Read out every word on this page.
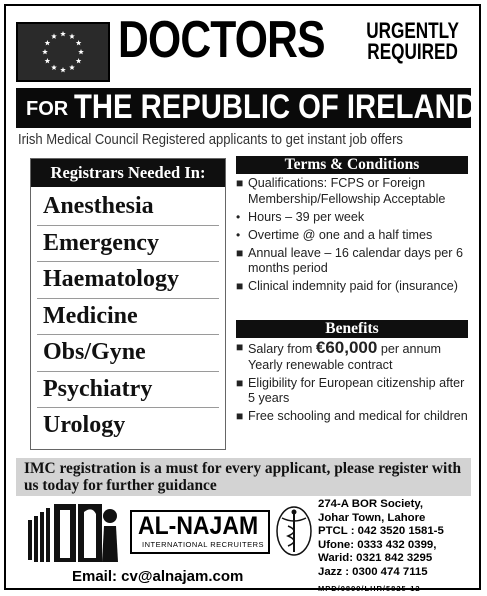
DOCTORS	URGENTLY
REQUIRED
FOR THE REPUBLIC OF IRELAND
Irish Medical Council Registered applicants to get instant job offers
Registrars Needed In:
Anesthesia
Emergency
Haematology
Medicine
Obs/Gyne
Psychiatry
Urology
Terms & Conditions
■ Qualifications: FCPS or Foreign Membership/Fellowship Acceptable
• Hours – 39 per week
• Overtime @ one and a half times
■ Annual leave – 16 calendar days per 6 months period
■ Clinical indemnity paid for (insurance)
Benefits
■ Salary from €60,000 per annum Yearly renewable contract
■ Eligibility for European citizenship after 5 years
■ Free schooling and medical for children
IMC registration is a must for every applicant, please register with us today for further guidance
AL-NAJAM
INTERNATIONAL RECRUITERS
Email: cv@alnajam.com
274-A BOR Society,
Johar Town, Lahore
PTCL : 042 3520 1581-5
Ufone: 0333 432 0399,
Warid: 0321 842 3295
Jazz : 0300 474 7115
MPD/0899/LHR/5825-12
